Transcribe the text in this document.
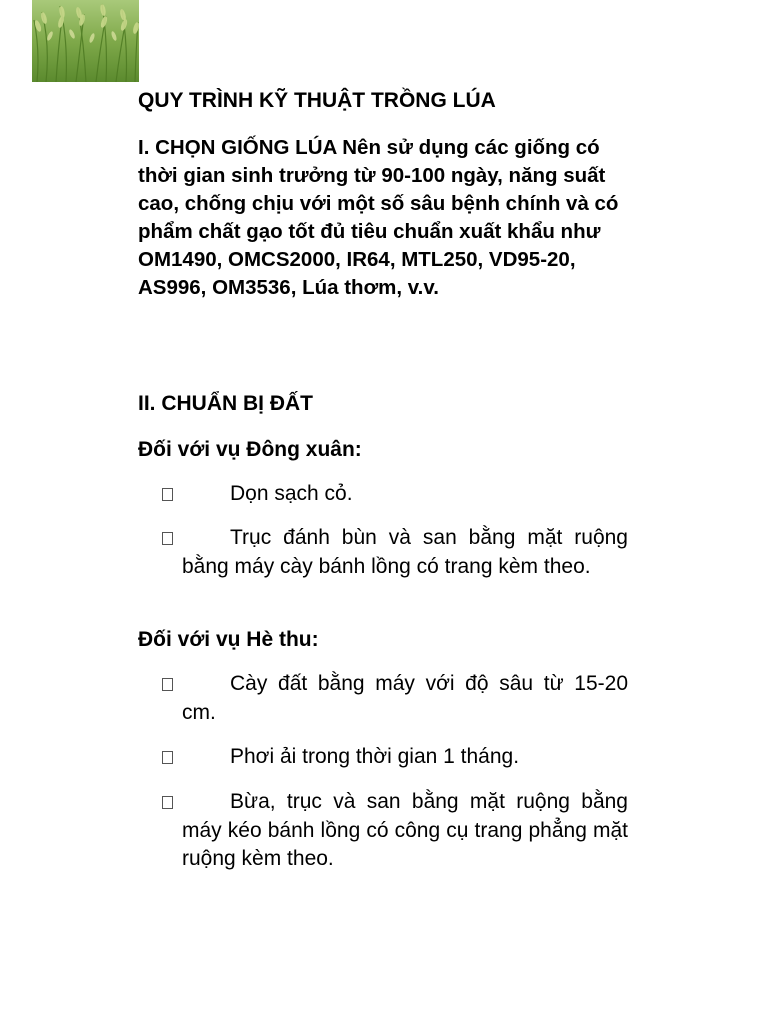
QUY TRÌNH KỸ THUẬT TRỒNG LÚA
I. CHỌN GIỐNG LÚA Nên sử dụng các giống có thời gian sinh trưởng từ 90-100 ngày, năng suất cao, chống chịu với một số sâu bệnh chính và có phẩm chất gạo tốt đủ tiêu chuẩn xuất khẩu như OM1490, OMCS2000, IR64, MTL250, VD95-20, AS996, OM3536, Lúa thơm, v.v.
II. CHUẨN BỊ ĐẤT
Đối với vụ Đông xuân:
Dọn sạch cỏ.
Trục đánh bùn và san bằng mặt ruộng bằng máy cày bánh lồng có trang kèm theo.
Đối với vụ Hè thu:
Cày đất bằng máy với độ sâu từ 15-20 cm.
Phơi ải trong thời gian 1 tháng.
Bừa, trục và san bằng mặt ruộng bằng máy kéo bánh lồng có công cụ trang phẳng mặt ruộng kèm theo.
